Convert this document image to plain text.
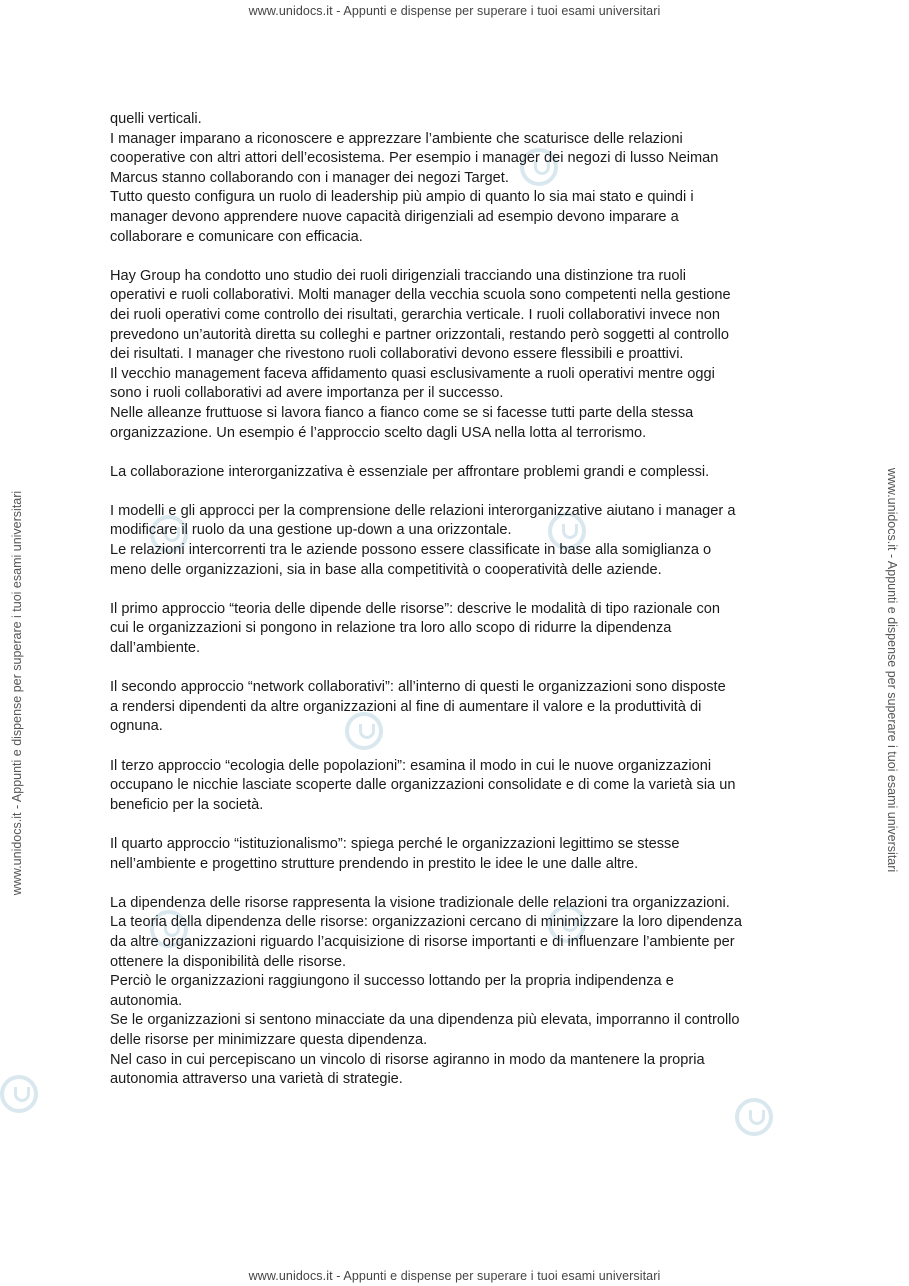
www.unidocs.it - Appunti e dispense per superare i tuoi esami universitari
www.unidocs.it - Appunti e dispense per superare i tuoi esami universitari	www.unidocs.it - Appunti e dispense per superare i tuoi esami universitari

quelli verticali.
I manager imparano a riconoscere e apprezzare l’ambiente che scaturisce delle relazioni
cooperative con altri attori dell’ecosistema. Per esempio i manager dei negozi di lusso Neiman
Marcus stanno collaborando con i manager dei negozi Target.
Tutto questo configura un ruolo di leadership più ampio di quanto lo sia mai stato e quindi i
manager devono apprendere nuove capacità dirigenziali ad esempio devono imparare a
collaborare e comunicare con efficacia.

Hay Group ha condotto uno studio dei ruoli dirigenziali tracciando una distinzione tra ruoli
operativi e ruoli collaborativi. Molti manager della vecchia scuola sono competenti nella gestione
dei ruoli operativi come controllo dei risultati, gerarchia verticale. I ruoli collaborativi invece non
prevedono un’autorità diretta su colleghi e partner orizzontali, restando però soggetti al controllo
dei risultati. I manager che rivestono ruoli collaborativi devono essere flessibili e proattivi.
Il vecchio management faceva affidamento quasi esclusivamente a ruoli operativi mentre oggi
sono i ruoli collaborativi ad avere importanza per il successo.
Nelle alleanze fruttuose si lavora fianco a fianco come se si facesse tutti parte della stessa
organizzazione. Un esempio é l’approccio scelto dagli USA nella lotta al terrorismo.

La collaborazione interorganizzativa è essenziale per affrontare problemi grandi e complessi.

I modelli e gli approcci per la comprensione delle relazioni interorganizzative aiutano i manager a
modificare il ruolo da una gestione up-down a una orizzontale.
Le relazioni intercorrenti tra le aziende possono essere classificate in base alla somiglianza o
meno delle organizzazioni, sia in base alla competitività o cooperatività delle aziende.

Il primo approccio “teoria delle dipende delle risorse”: descrive le modalità di tipo razionale con
cui le organizzazioni si pongono in relazione tra loro allo scopo di ridurre la dipendenza
dall’ambiente.

Il secondo approccio “network collaborativi”: all’interno di questi le organizzazioni sono disposte
a rendersi dipendenti da altre organizzazioni al fine di aumentare il valore e la produttività di
ognuna.

Il terzo approccio “ecologia delle popolazioni”: esamina il modo in cui le nuove organizzazioni
occupano le nicchie lasciate scoperte dalle organizzazioni consolidate e di come la varietà sia un
beneficio per la società.

Il quarto approccio “istituzionalismo”: spiega perché le organizzazioni legittimo se stesse
nell’ambiente e progettino strutture prendendo in prestito le idee le une dalle altre.

La dipendenza delle risorse rappresenta la visione tradizionale delle relazioni tra organizzazioni.
La teoria della dipendenza delle risorse: organizzazioni cercano di minimizzare la loro dipendenza
da altre organizzazioni riguardo l’acquisizione di risorse importanti e di influenzare l’ambiente per
ottenere la disponibilità delle risorse.
Perciò le organizzazioni raggiungono il successo lottando per la propria indipendenza e
autonomia.
Se le organizzazioni si sentono minacciate da una dipendenza più elevata, imporranno il controllo
delle risorse per minimizzare questa dipendenza.
Nel caso in cui percepiscano un vincolo di risorse agiranno in modo da mantenere la propria
autonomia attraverso una varietà di strategie.

www.unidocs.it - Appunti e dispense per superare i tuoi esami universitari
